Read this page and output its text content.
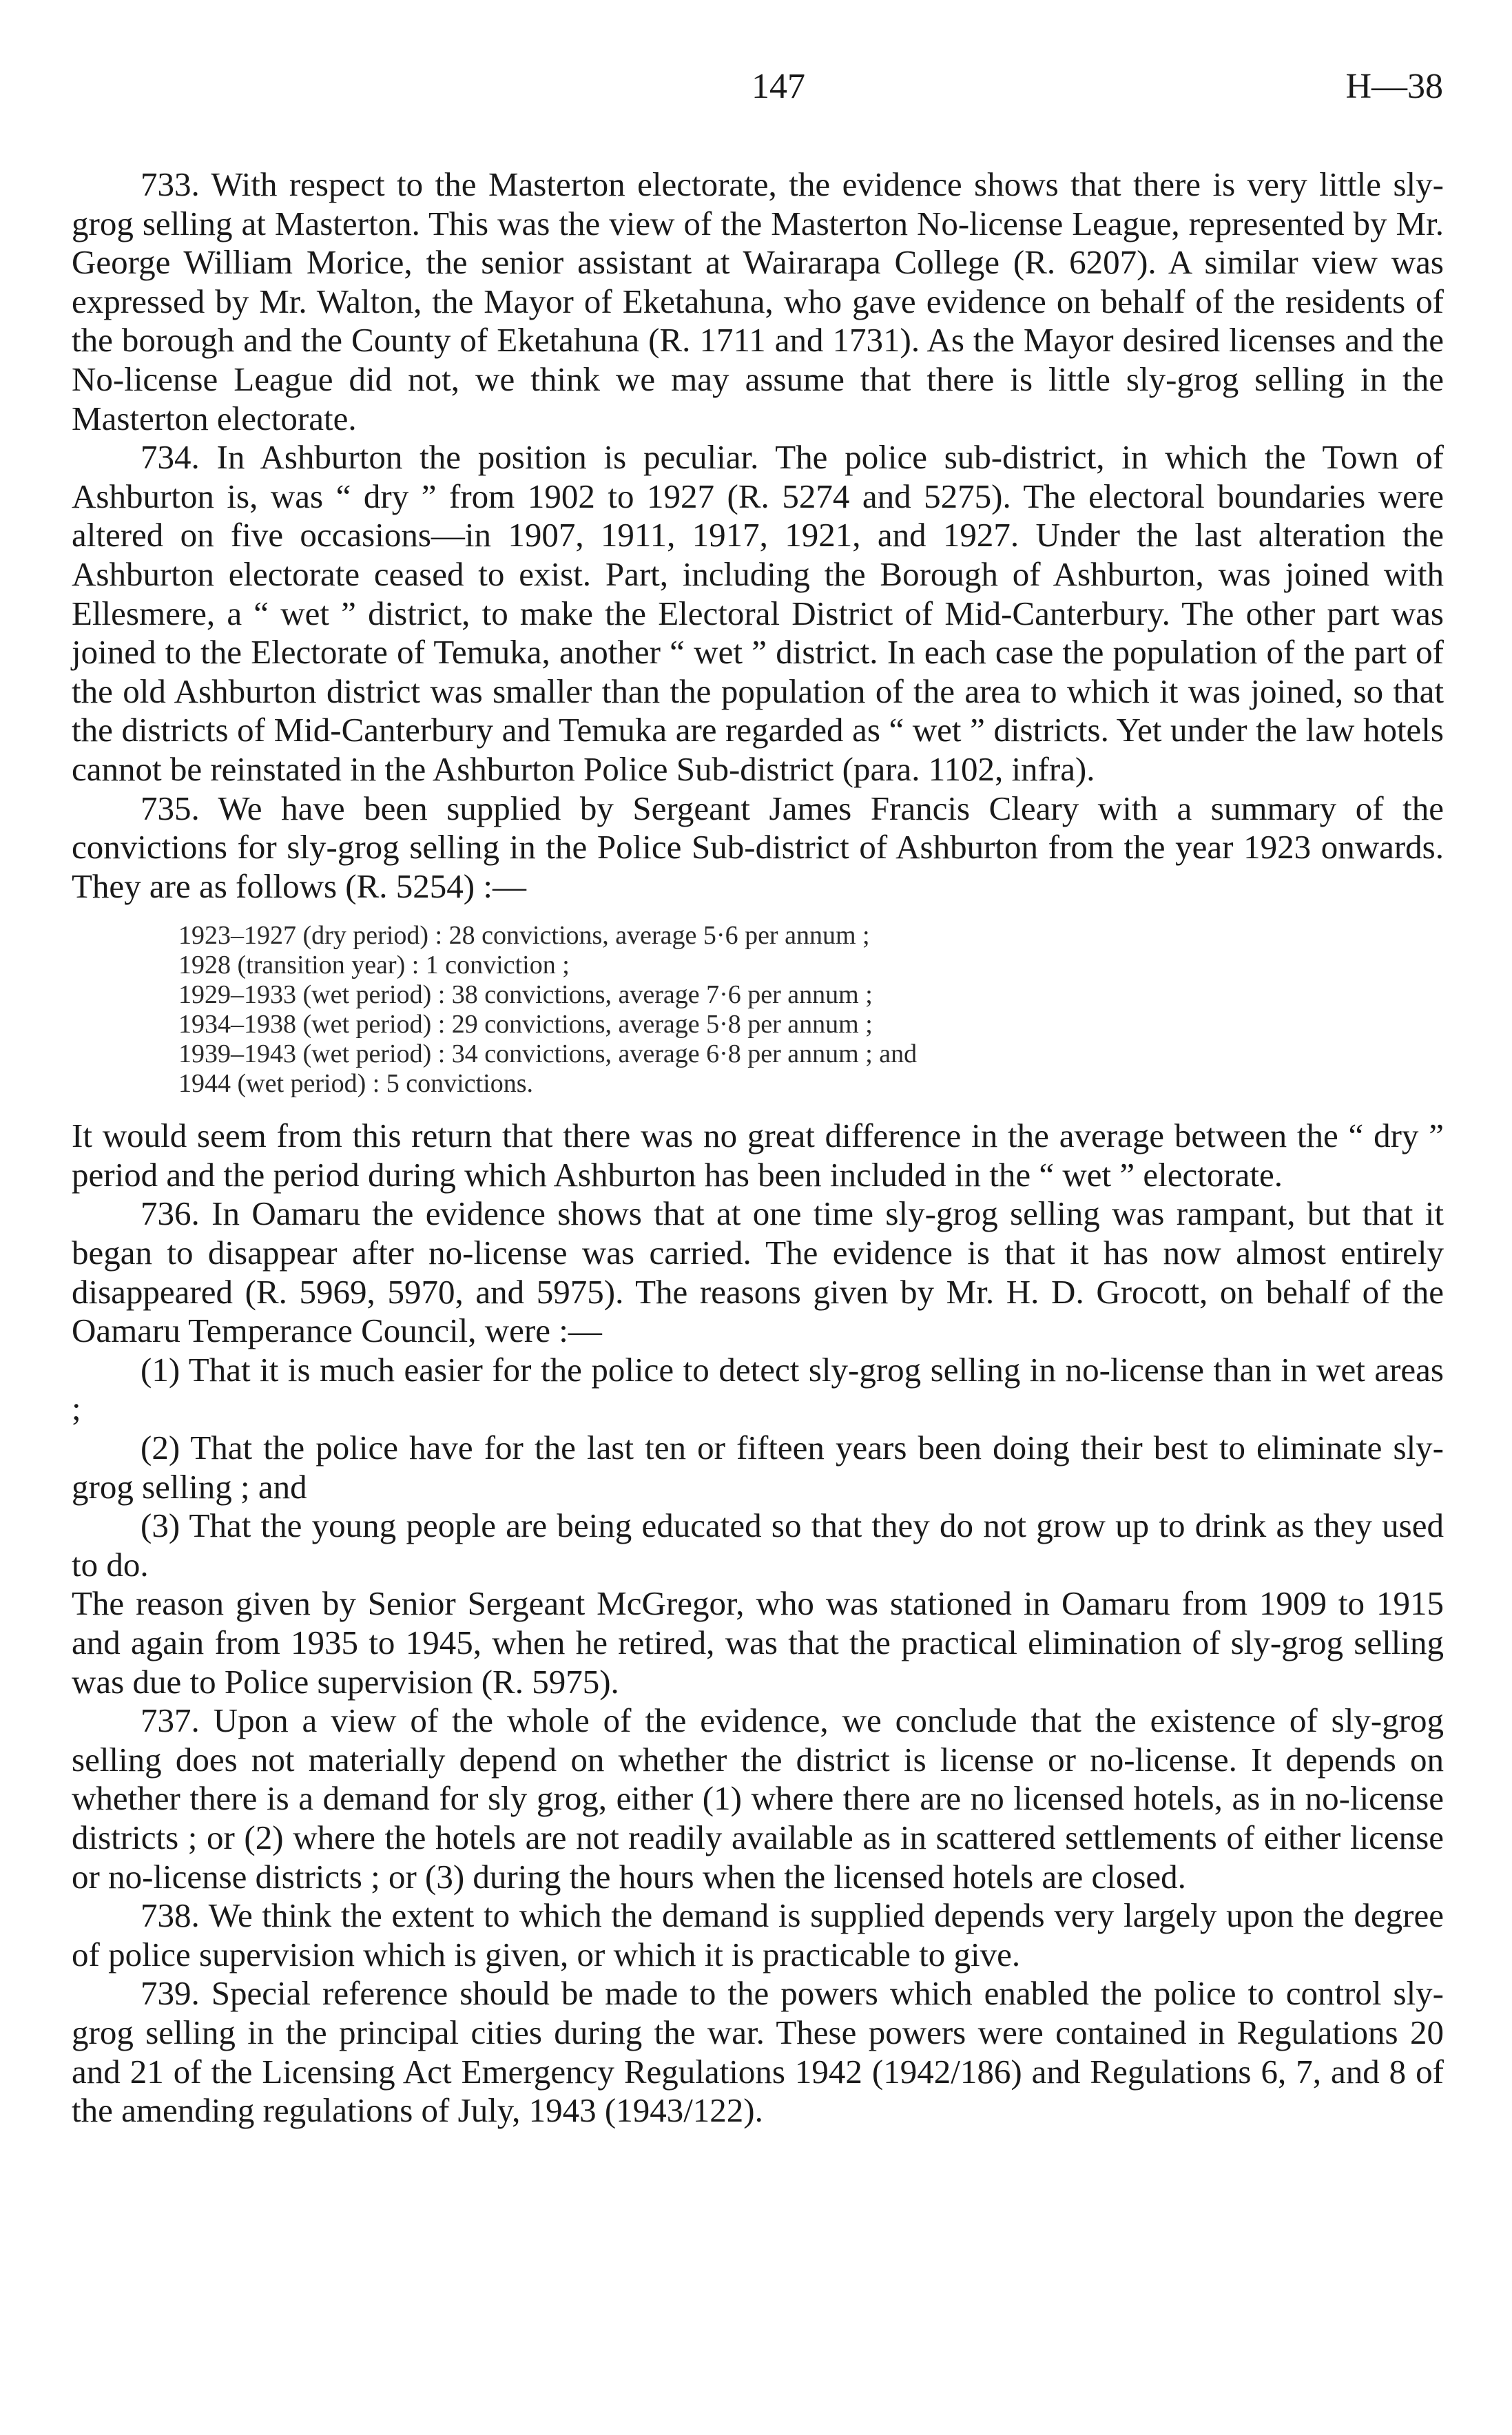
147	H—38

733. With respect to the Masterton electorate, the evidence shows that there is very little sly-grog selling at Masterton. This was the view of the Masterton No-license League, represented by Mr. George William Morice, the senior assistant at Wairarapa College (R. 6207). A similar view was expressed by Mr. Walton, the Mayor of Eketahuna, who gave evidence on behalf of the residents of the borough and the County of Eketahuna (R. 1711 and 1731). As the Mayor desired licenses and the No-license League did not, we think we may assume that there is little sly-grog selling in the Masterton electorate.

734. In Ashburton the position is peculiar. The police sub-district, in which the Town of Ashburton is, was “ dry ” from 1902 to 1927 (R. 5274 and 5275). The electoral boundaries were altered on five occasions—in 1907, 1911, 1917, 1921, and 1927. Under the last alteration the Ashburton electorate ceased to exist. Part, including the Borough of Ashburton, was joined with Ellesmere, a “ wet ” district, to make the Electoral District of Mid-Canterbury. The other part was joined to the Electorate of Temuka, another “ wet ” district. In each case the population of the part of the old Ashburton district was smaller than the population of the area to which it was joined, so that the districts of Mid-Canterbury and Temuka are regarded as “ wet ” districts. Yet under the law hotels cannot be reinstated in the Ashburton Police Sub-district (para. 1102, infra).

735. We have been supplied by Sergeant James Francis Cleary with a summary of the convictions for sly-grog selling in the Police Sub-district of Ashburton from the year 1923 onwards. They are as follows (R. 5254) :—

1923–1927 (dry period) : 28 convictions, average 5·6 per annum ;
1928 (transition year) : 1 conviction ;
1929–1933 (wet period) : 38 convictions, average 7·6 per annum ;
1934–1938 (wet period) : 29 convictions, average 5·8 per annum ;
1939–1943 (wet period) : 34 convictions, average 6·8 per annum ; and
1944 (wet period) : 5 convictions.

It would seem from this return that there was no great difference in the average between the “ dry ” period and the period during which Ashburton has been included in the “ wet ” electorate.

736. In Oamaru the evidence shows that at one time sly-grog selling was rampant, but that it began to disappear after no-license was carried. The evidence is that it has now almost entirely disappeared (R. 5969, 5970, and 5975). The reasons given by Mr. H. D. Grocott, on behalf of the Oamaru Temperance Council, were :—

(1) That it is much easier for the police to detect sly-grog selling in no-license than in wet areas ;

(2) That the police have for the last ten or fifteen years been doing their best to eliminate sly-grog selling ; and

(3) That the young people are being educated so that they do not grow up to drink as they used to do.

The reason given by Senior Sergeant McGregor, who was stationed in Oamaru from 1909 to 1915 and again from 1935 to 1945, when he retired, was that the practical elimination of sly-grog selling was due to Police supervision (R. 5975).

737. Upon a view of the whole of the evidence, we conclude that the existence of sly-grog selling does not materially depend on whether the district is license or no-license. It depends on whether there is a demand for sly grog, either (1) where there are no licensed hotels, as in no-license districts ; or (2) where the hotels are not readily available as in scattered settlements of either license or no-license districts ; or (3) during the hours when the licensed hotels are closed.

738. We think the extent to which the demand is supplied depends very largely upon the degree of police supervision which is given, or which it is practicable to give.

739. Special reference should be made to the powers which enabled the police to control sly-grog selling in the principal cities during the war. These powers were contained in Regulations 20 and 21 of the Licensing Act Emergency Regulations 1942 (1942/186) and Regulations 6, 7, and 8 of the amending regulations of July, 1943 (1943/122).
